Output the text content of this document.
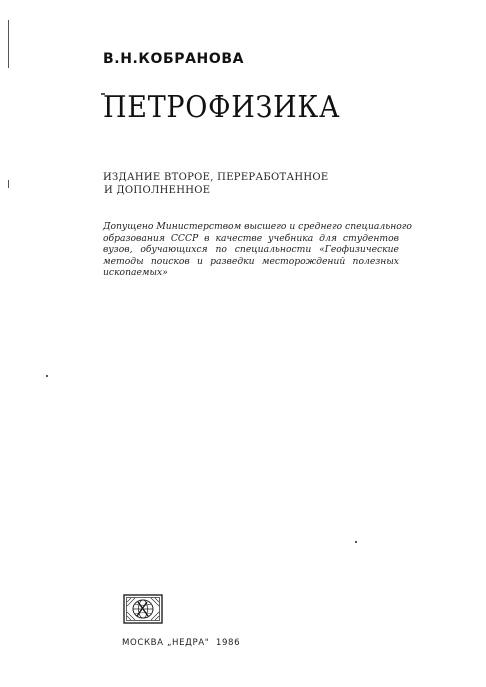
В.Н.КОБРАНОВА
ПЕТРОФИЗИКА
ИЗДАНИЕ ВТОРОЕ, ПЕРЕРАБОТАННОЕ
И ДОПОЛНЕННОЕ
Допущено Министерством высшего и среднего специального
образования СССР в качестве учебника для студентов
вузов, обучающихся по специальности «Геофизические
методы поисков и разведки месторождений полезных
ископаемых»
МОСКВА „НЕДРА"  1986
